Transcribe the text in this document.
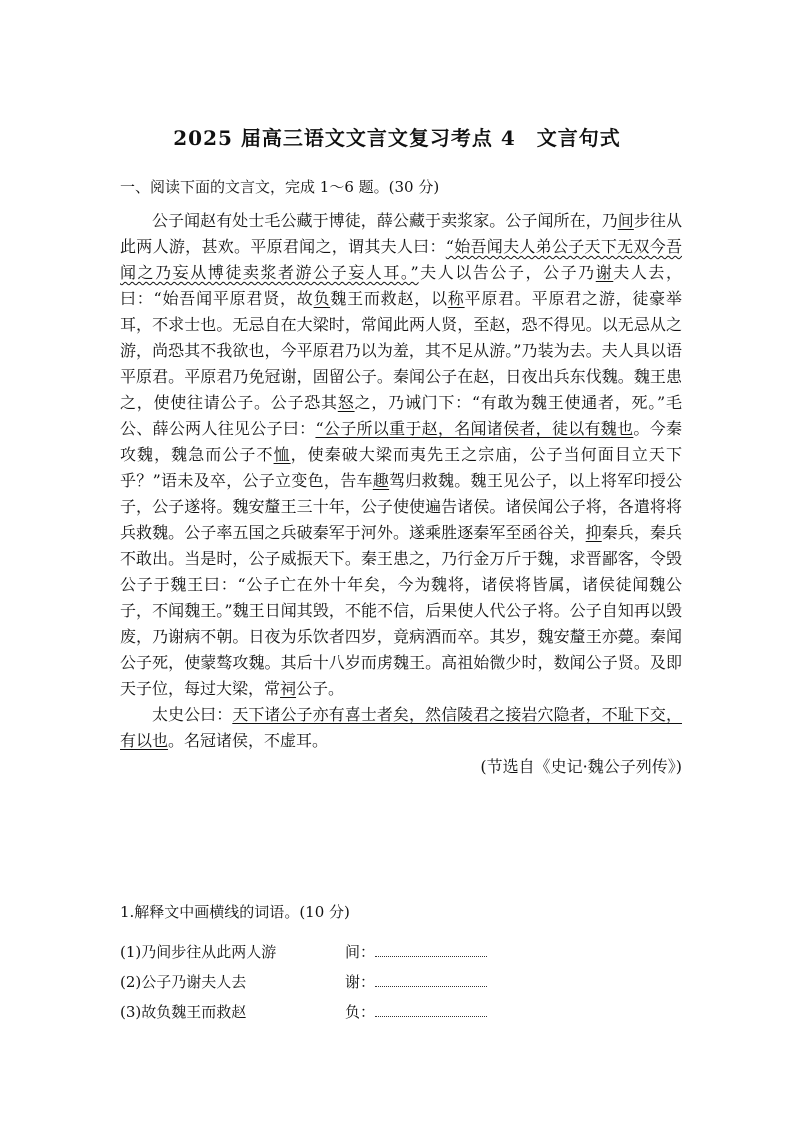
2025 届高三语文文言文复习考点 4　文言句式
一、阅读下面的文言文，完成 1～6 题。(30 分)

公子闻赵有处士毛公藏于博徒，薛公藏于卖浆家。公子闻所在，乃间步往从此两人游，甚欢。平原君闻之，谓其夫人曰：“始吾闻夫人弟公子天下无双今吾闻之乃妄从博徒卖浆者游公子妄人耳。”夫人以告公子，公子乃谢夫人去，曰：“始吾闻平原君贤，故负魏王而救赵，以称平原君。平原君之游，徒豪举耳，不求士也。无忌自在大梁时，常闻此两人贤，至赵，恐不得见。以无忌从之游，尚恐其不我欲也，今平原君乃以为羞，其不足从游。”乃装为去。夫人具以语平原君。平原君乃免冠谢，固留公子。秦闻公子在赵，日夜出兵东伐魏。魏王患之，使使往请公子。公子恐其怒之，乃诫门下：“有敢为魏王使通者，死。”毛公、薛公两人往见公子曰：“公子所以重于赵，名闻诸侯者，徒以有魏也。今秦攻魏，魏急而公子不恤，使秦破大梁而夷先王之宗庙，公子当何面目立天下乎？”语未及卒，公子立变色，告车趣驾归救魏。魏王见公子，以上将军印授公子，公子遂将。魏安釐王三十年，公子使使遍告诸侯。诸侯闻公子将，各遣将将兵救魏。公子率五国之兵破秦军于河外。遂乘胜逐秦军至函谷关，抑秦兵，秦兵不敢出。当是时，公子威振天下。秦王患之，乃行金万斤于魏，求晋鄙客，令毁公子于魏王曰：“公子亡在外十年矣，今为魏将，诸侯将皆属，诸侯徒闻魏公子，不闻魏王。”魏王日闻其毁，不能不信，后果使人代公子将。公子自知再以毁废，乃谢病不朝。日夜为乐饮者四岁，竟病酒而卒。其岁，魏安釐王亦薨。秦闻公子死，使蒙骜攻魏。其后十八岁而虏魏王。高祖始微少时，数闻公子贤。及即天子位，每过大梁，常祠公子。

太史公曰：天下诸公子亦有喜士者矣，然信陵君之接岩穴隐者，不耻下交，有以也。名冠诸侯，不虚耳。

(节选自《史记·魏公子列传》)

1.解释文中画横线的词语。(10 分)
(1)乃间步往从此两人游	间：
(2)公子乃谢夫人去	谢：
(3)故负魏王而救赵	负：
